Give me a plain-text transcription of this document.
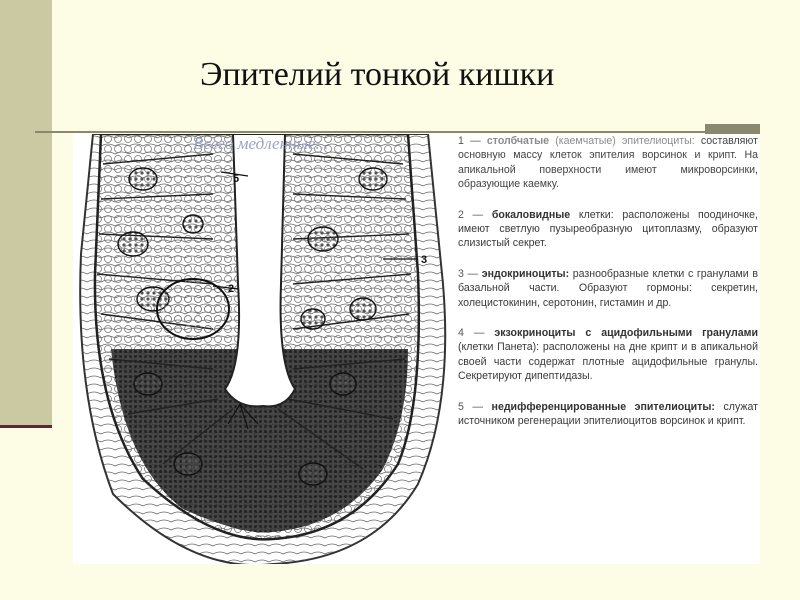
Эпителий тонкой кишки
5
3
2
4
Всего медленные...	1 — столбчатые (каемчатые) эпителиоциты: составляют основную массу клеток эпителия ворсинок и крипт. На апикальной поверхности имеют микроворсинки, образующие каемку.

2 — бокаловидные клетки: расположены поодиночке, имеют светлую пузыреобразную цитоплазму, образуют слизистый секрет.

3 — эндокриноциты: разнообразные клетки с гранулами в базальной части. Образуют гормоны: секретин, холецистокинин, серотонин, гистамин и др.

4 — экзокриноциты с ацидофильными гранулами (клетки Панета): расположены на дне крипт и в апикальной своей части содержат плотные ацидофильные гранулы. Секретируют дипептидазы.

5 — недифференцированные эпителиоциты: служат источником регенерации эпителиоцитов ворсинок и крипт.
